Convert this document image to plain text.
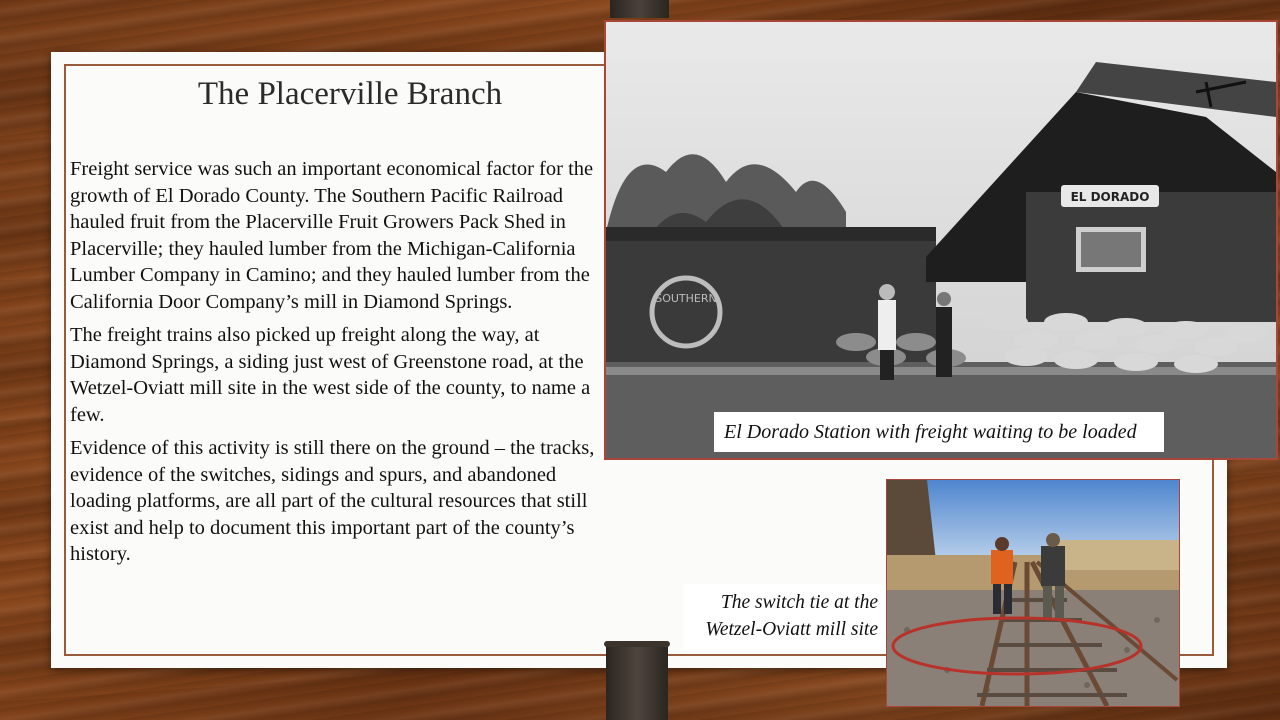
The Placerville Branch

Freight service was such an important economical factor for the growth of El Dorado County. The Southern Pacific Railroad hauled fruit from the Placerville Fruit Growers Pack Shed in Placerville; they hauled lumber from the Michigan-California Lumber Company in Camino; and they hauled lumber from the California Door Company’s mill in Diamond Springs.

The freight trains also picked up freight along the way, at Diamond Springs, a siding just west of Greenstone road, at the Wetzel-Oviatt mill site in the west side of the county, to name a few.

Evidence of this activity is still there on the ground – the tracks, evidence of the switches, sidings and spurs, and abandoned loading platforms, are all part of the cultural resources that still exist and help to document this important part of the county’s history.

SOUTHERN
EL DORADO
El Dorado Station with freight waiting to be loaded
The switch tie at the
Wetzel-Oviatt mill site
